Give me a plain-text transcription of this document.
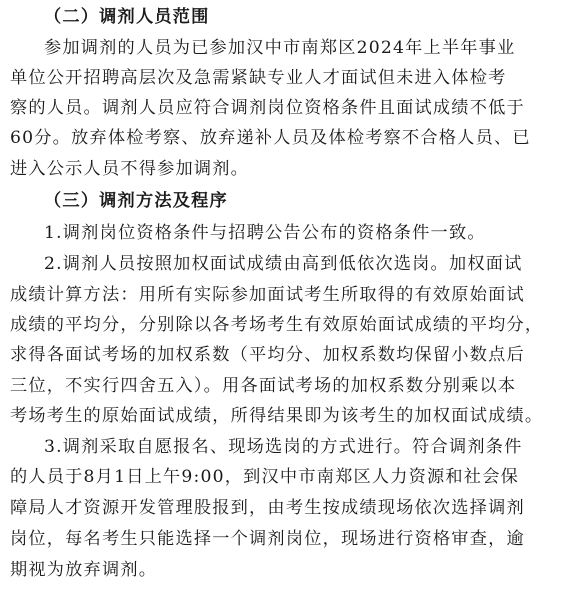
（二）调剂人员范围
参加调剂的人员为已参加汉中市南郑区2024年上半年事业
单位公开招聘高层次及急需紧缺专业人才面试但未进入体检考
察的人员。调剂人员应符合调剂岗位资格条件且面试成绩不低于
60分。放弃体检考察、放弃递补人员及体检考察不合格人员、已
进入公示人员不得参加调剂。
（三）调剂方法及程序
1.调剂岗位资格条件与招聘公告公布的资格条件一致。
2.调剂人员按照加权面试成绩由高到低依次选岗。加权面试
成绩计算方法：用所有实际参加面试考生所取得的有效原始面试
成绩的平均分，分别除以各考场考生有效原始面试成绩的平均分，
求得各面试考场的加权系数（平均分、加权系数均保留小数点后
三位，不实行四舍五入）。用各面试考场的加权系数分别乘以本
考场考生的原始面试成绩，所得结果即为该考生的加权面试成绩。
3.调剂采取自愿报名、现场选岗的方式进行。符合调剂条件
的人员于8月1日上午9:00，到汉中市南郑区人力资源和社会保
障局人才资源开发管理股报到，由考生按成绩现场依次选择调剂
岗位，每名考生只能选择一个调剂岗位，现场进行资格审查，逾
期视为放弃调剂。
